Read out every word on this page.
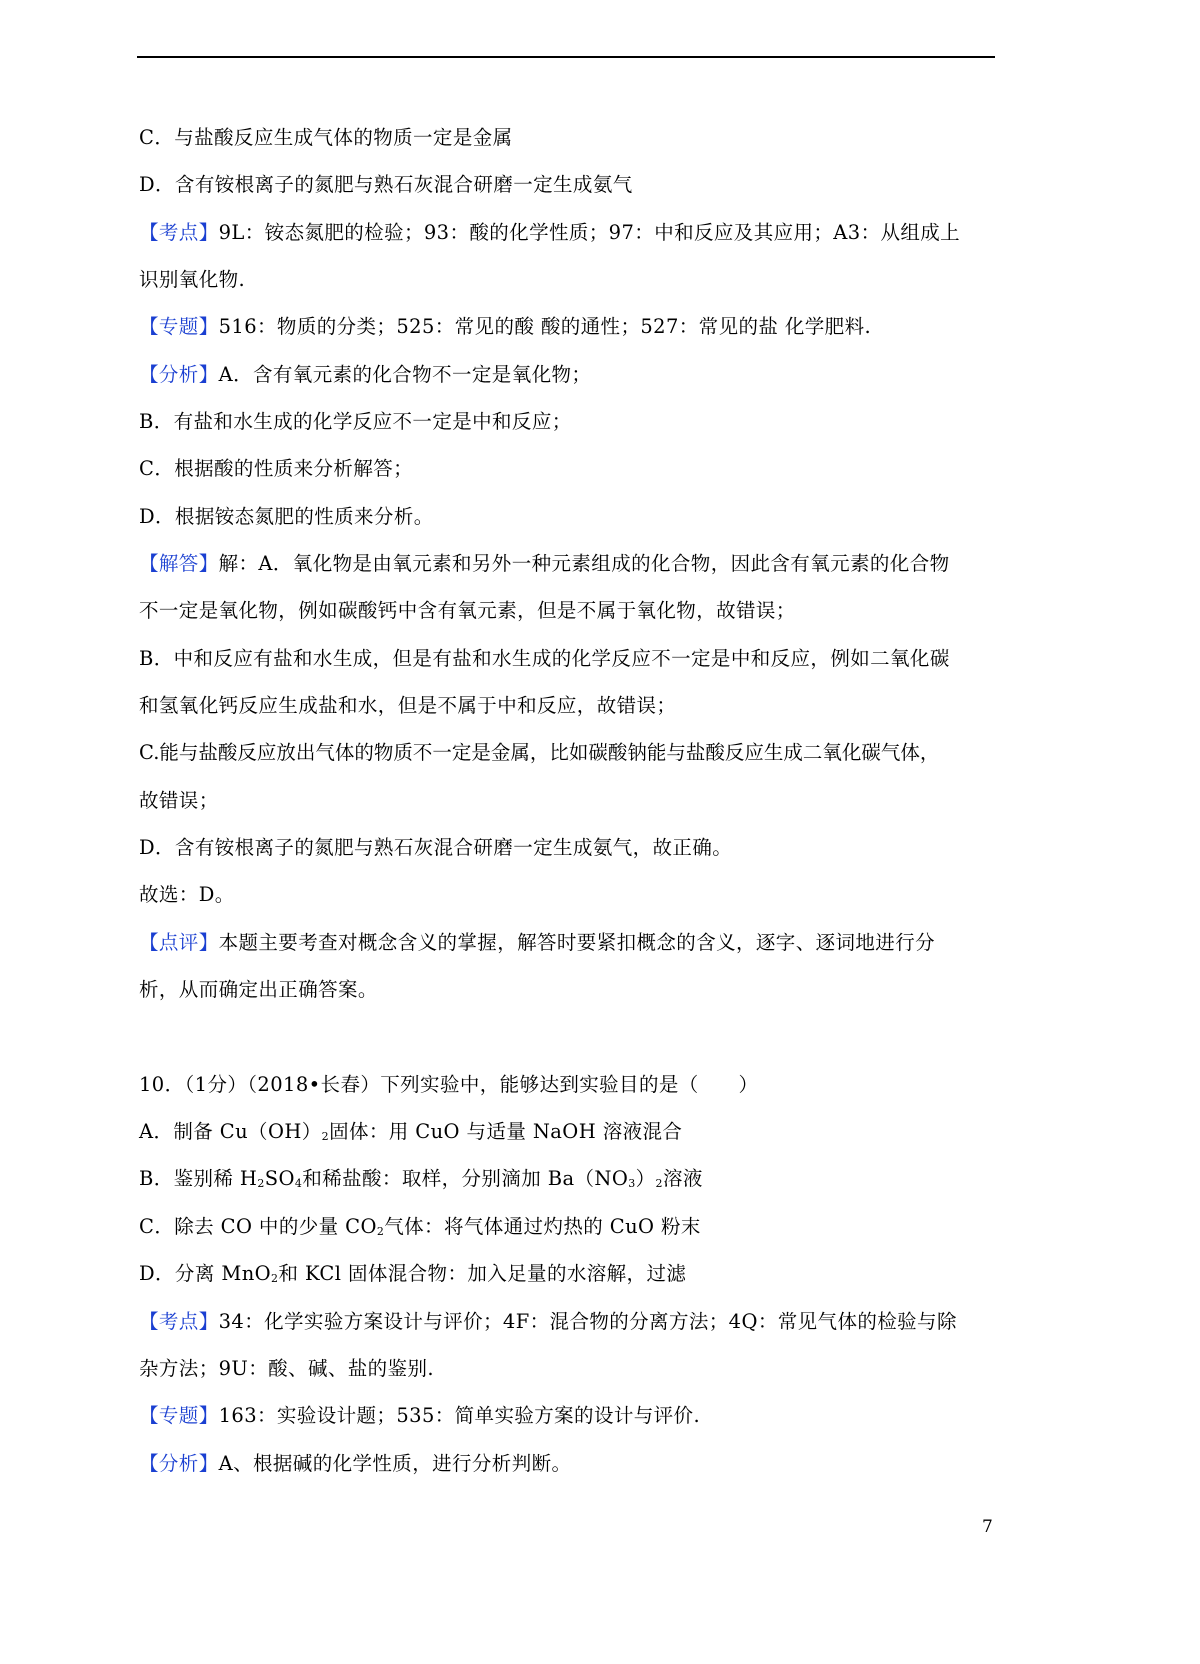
C．与盐酸反应生成气体的物质一定是金属
D．含有铵根离子的氮肥与熟石灰混合研磨一定生成氨气
【考点】9L：铵态氮肥的检验；93：酸的化学性质；97：中和反应及其应用；A3：从组成上
识别氧化物.
【专题】516：物质的分类；525：常见的酸 酸的通性；527：常见的盐 化学肥料.
【分析】A．含有氧元素的化合物不一定是氧化物；
B．有盐和水生成的化学反应不一定是中和反应；
C．根据酸的性质来分析解答；
D．根据铵态氮肥的性质来分析。
【解答】解：A．氧化物是由氧元素和另外一种元素组成的化合物，因此含有氧元素的化合物
不一定是氧化物，例如碳酸钙中含有氧元素，但是不属于氧化物，故错误；
B．中和反应有盐和水生成，但是有盐和水生成的化学反应不一定是中和反应，例如二氧化碳
和氢氧化钙反应生成盐和水，但是不属于中和反应，故错误；
C.能与盐酸反应放出气体的物质不一定是金属，比如碳酸钠能与盐酸反应生成二氧化碳气体，
故错误；
D．含有铵根离子的氮肥与熟石灰混合研磨一定生成氨气，故正确。
故选：D。
【点评】本题主要考查对概念含义的掌握，解答时要紧扣概念的含义，逐字、逐词地进行分
析，从而确定出正确答案。
10．（1分）（2018•长春）下列实验中，能够达到实验目的是（　　）
A．制备 $Cu(OH)_2$固体：用 CuO 与适量 NaOH 溶液混合
B．鉴别稀 $H_2SO_4$和稀盐酸：取样，分别滴加 $Ba(NO_3)_2$溶液
C．除去 CO 中的少量 $CO_2$气体：将气体通过灼热的 CuO 粉末
D．分离 MnO$_2$和 KCl 固体混合物：加入足量的水溶解，过滤
【考点】34：化学实验方案设计与评价；4F：混合物的分离方法；4Q：常见气体的检验与除
杂方法；9U：酸、碱、盐的鉴别.
【专题】163：实验设计题；535：简单实验方案的设计与评价.
【分析】A、根据碱的化学性质，进行分析判断。
7
